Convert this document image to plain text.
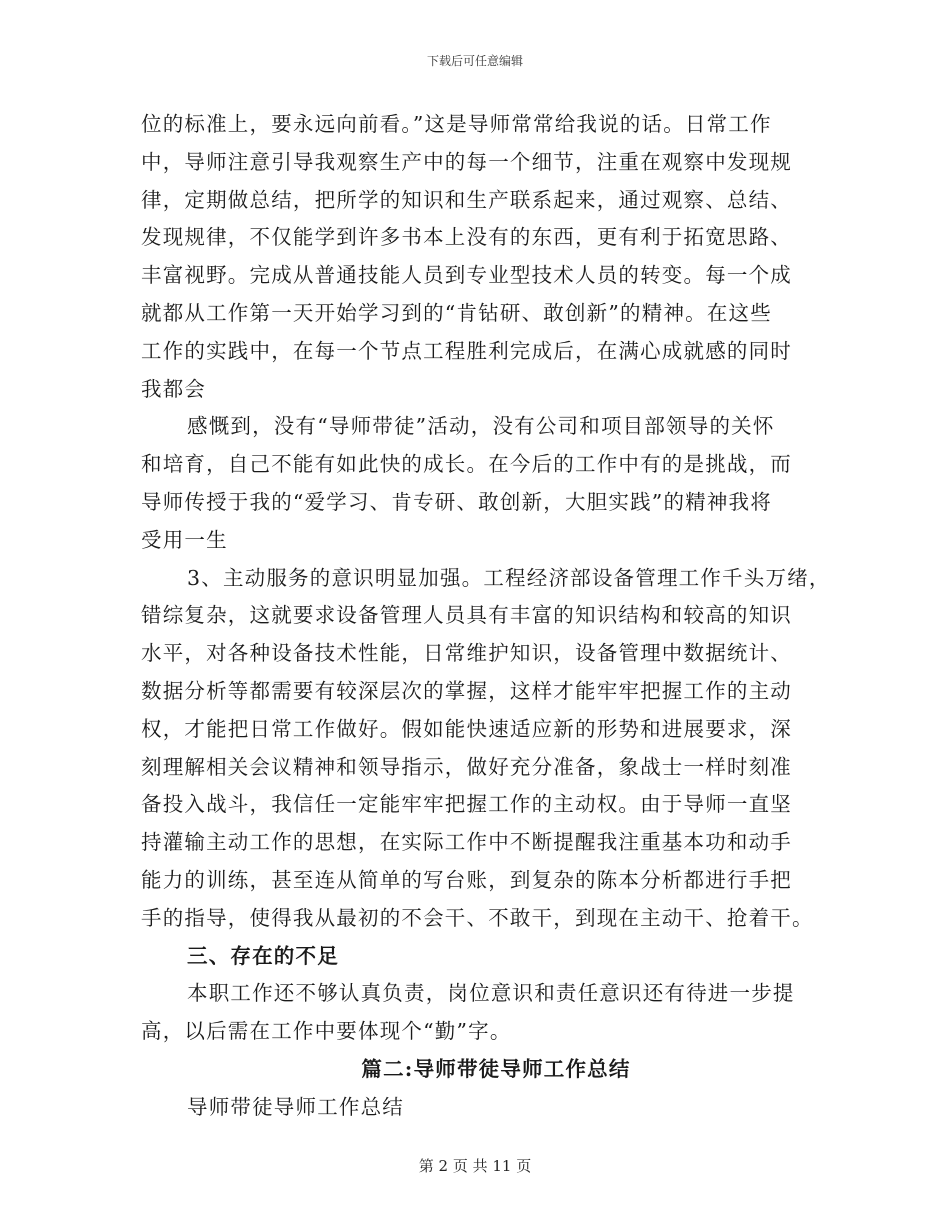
下载后可任意编辑
位的标准上，要永远向前看。”这是导师常常给我说的话。日常工作
中，导师注意引导我观察生产中的每一个细节，注重在观察中发现规
律，定期做总结，把所学的知识和生产联系起来，通过观察、总结、
发现规律，不仅能学到许多书本上没有的东西，更有利于拓宽思路、
丰富视野。完成从普通技能人员到专业型技术人员的转变。每一个成
就都从工作第一天开始学习到的“肯钻研、敢创新”的精神。在这些
工作的实践中，在每一个节点工程胜利完成后，在满心成就感的同时
我都会
感慨到，没有“导师带徒”活动，没有公司和项目部领导的关怀
和培育，自己不能有如此快的成长。在今后的工作中有的是挑战，而
导师传授于我的“爱学习、肯专研、敢创新，大胆实践”的精神我将
受用一生
3、主动服务的意识明显加强。工程经济部设备管理工作千头万绪，
错综复杂，这就要求设备管理人员具有丰富的知识结构和较高的知识
水平，对各种设备技术性能，日常维护知识，设备管理中数据统计、
数据分析等都需要有较深层次的掌握，这样才能牢牢把握工作的主动
权，才能把日常工作做好。假如能快速适应新的形势和进展要求，深
刻理解相关会议精神和领导指示，做好充分准备，象战士一样时刻准
备投入战斗，我信任一定能牢牢把握工作的主动权。由于导师一直坚
持灌输主动工作的思想，在实际工作中不断提醒我注重基本功和动手
能力的训练，甚至连从简单的写台账，到复杂的陈本分析都进行手把
手的指导，使得我从最初的不会干、不敢干，到现在主动干、抢着干。
三、存在的不足
本职工作还不够认真负责，岗位意识和责任意识还有待进一步提
高，以后需在工作中要体现个“勤”字。
篇二:导师带徒导师工作总结
导师带徒导师工作总结
第 2 页 共 11 页
